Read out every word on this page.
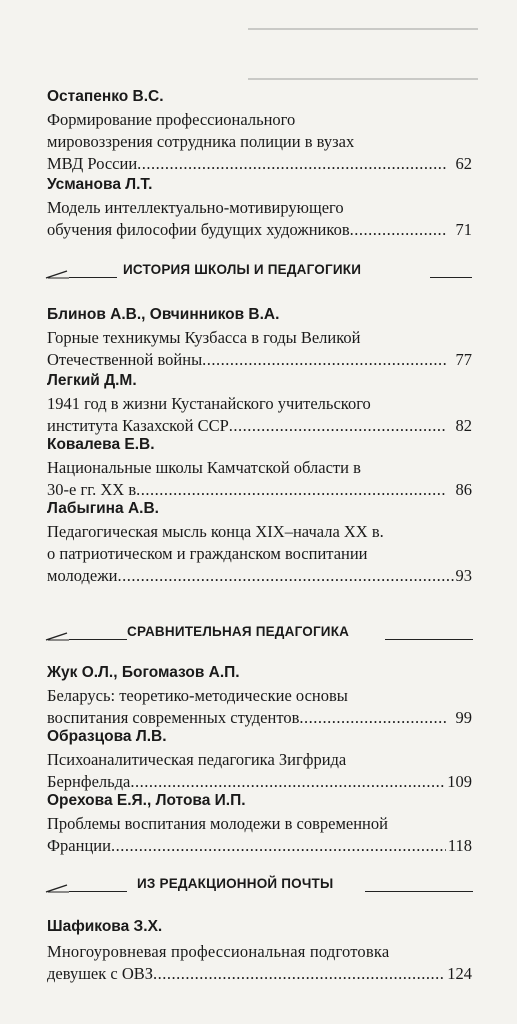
Остапенко В.С.
Формирование профессионального
мировоззрения сотрудника полиции в вузах
МВД России .....	62
Усманова Л.Т.
Модель интеллектуально-мотивирующего
обучения философии будущих художников .....	71
ИСТОРИЯ ШКОЛЫ И ПЕДАГОГИКИ
Блинов А.В., Овчинников В.А.
Горные техникумы Кузбасса в годы Великой
Отечественной войны .....	77
Легкий Д.М.
1941 год в жизни Кустанайского учительского
института Казахской ССР .....	82
Ковалева Е.В.
Национальные школы Камчатской области в
30-е гг. XX в .....	86
Лабыгина А.В.
Педагогическая мысль конца XIX–начала XX в.
о патриотическом и гражданском воспитании
молодежи .....	93
СРАВНИТЕЛЬНАЯ ПЕДАГОГИКА
Жук О.Л., Богомазов А.П.
Беларусь: теоретико-методические основы
воспитания современных студентов .....	99
Образцова Л.В.
Психоаналитическая педагогика Зигфрида
Бернфельда .....	109
Орехова Е.Я., Лотова И.П.
Проблемы воспитания молодежи в современной
Франции .....	118
ИЗ РЕДАКЦИОННОЙ ПОЧТЫ
Шафикова З.Х.
Многоуровневая профессиональная подготовка
девушек с ОВЗ .....	124
